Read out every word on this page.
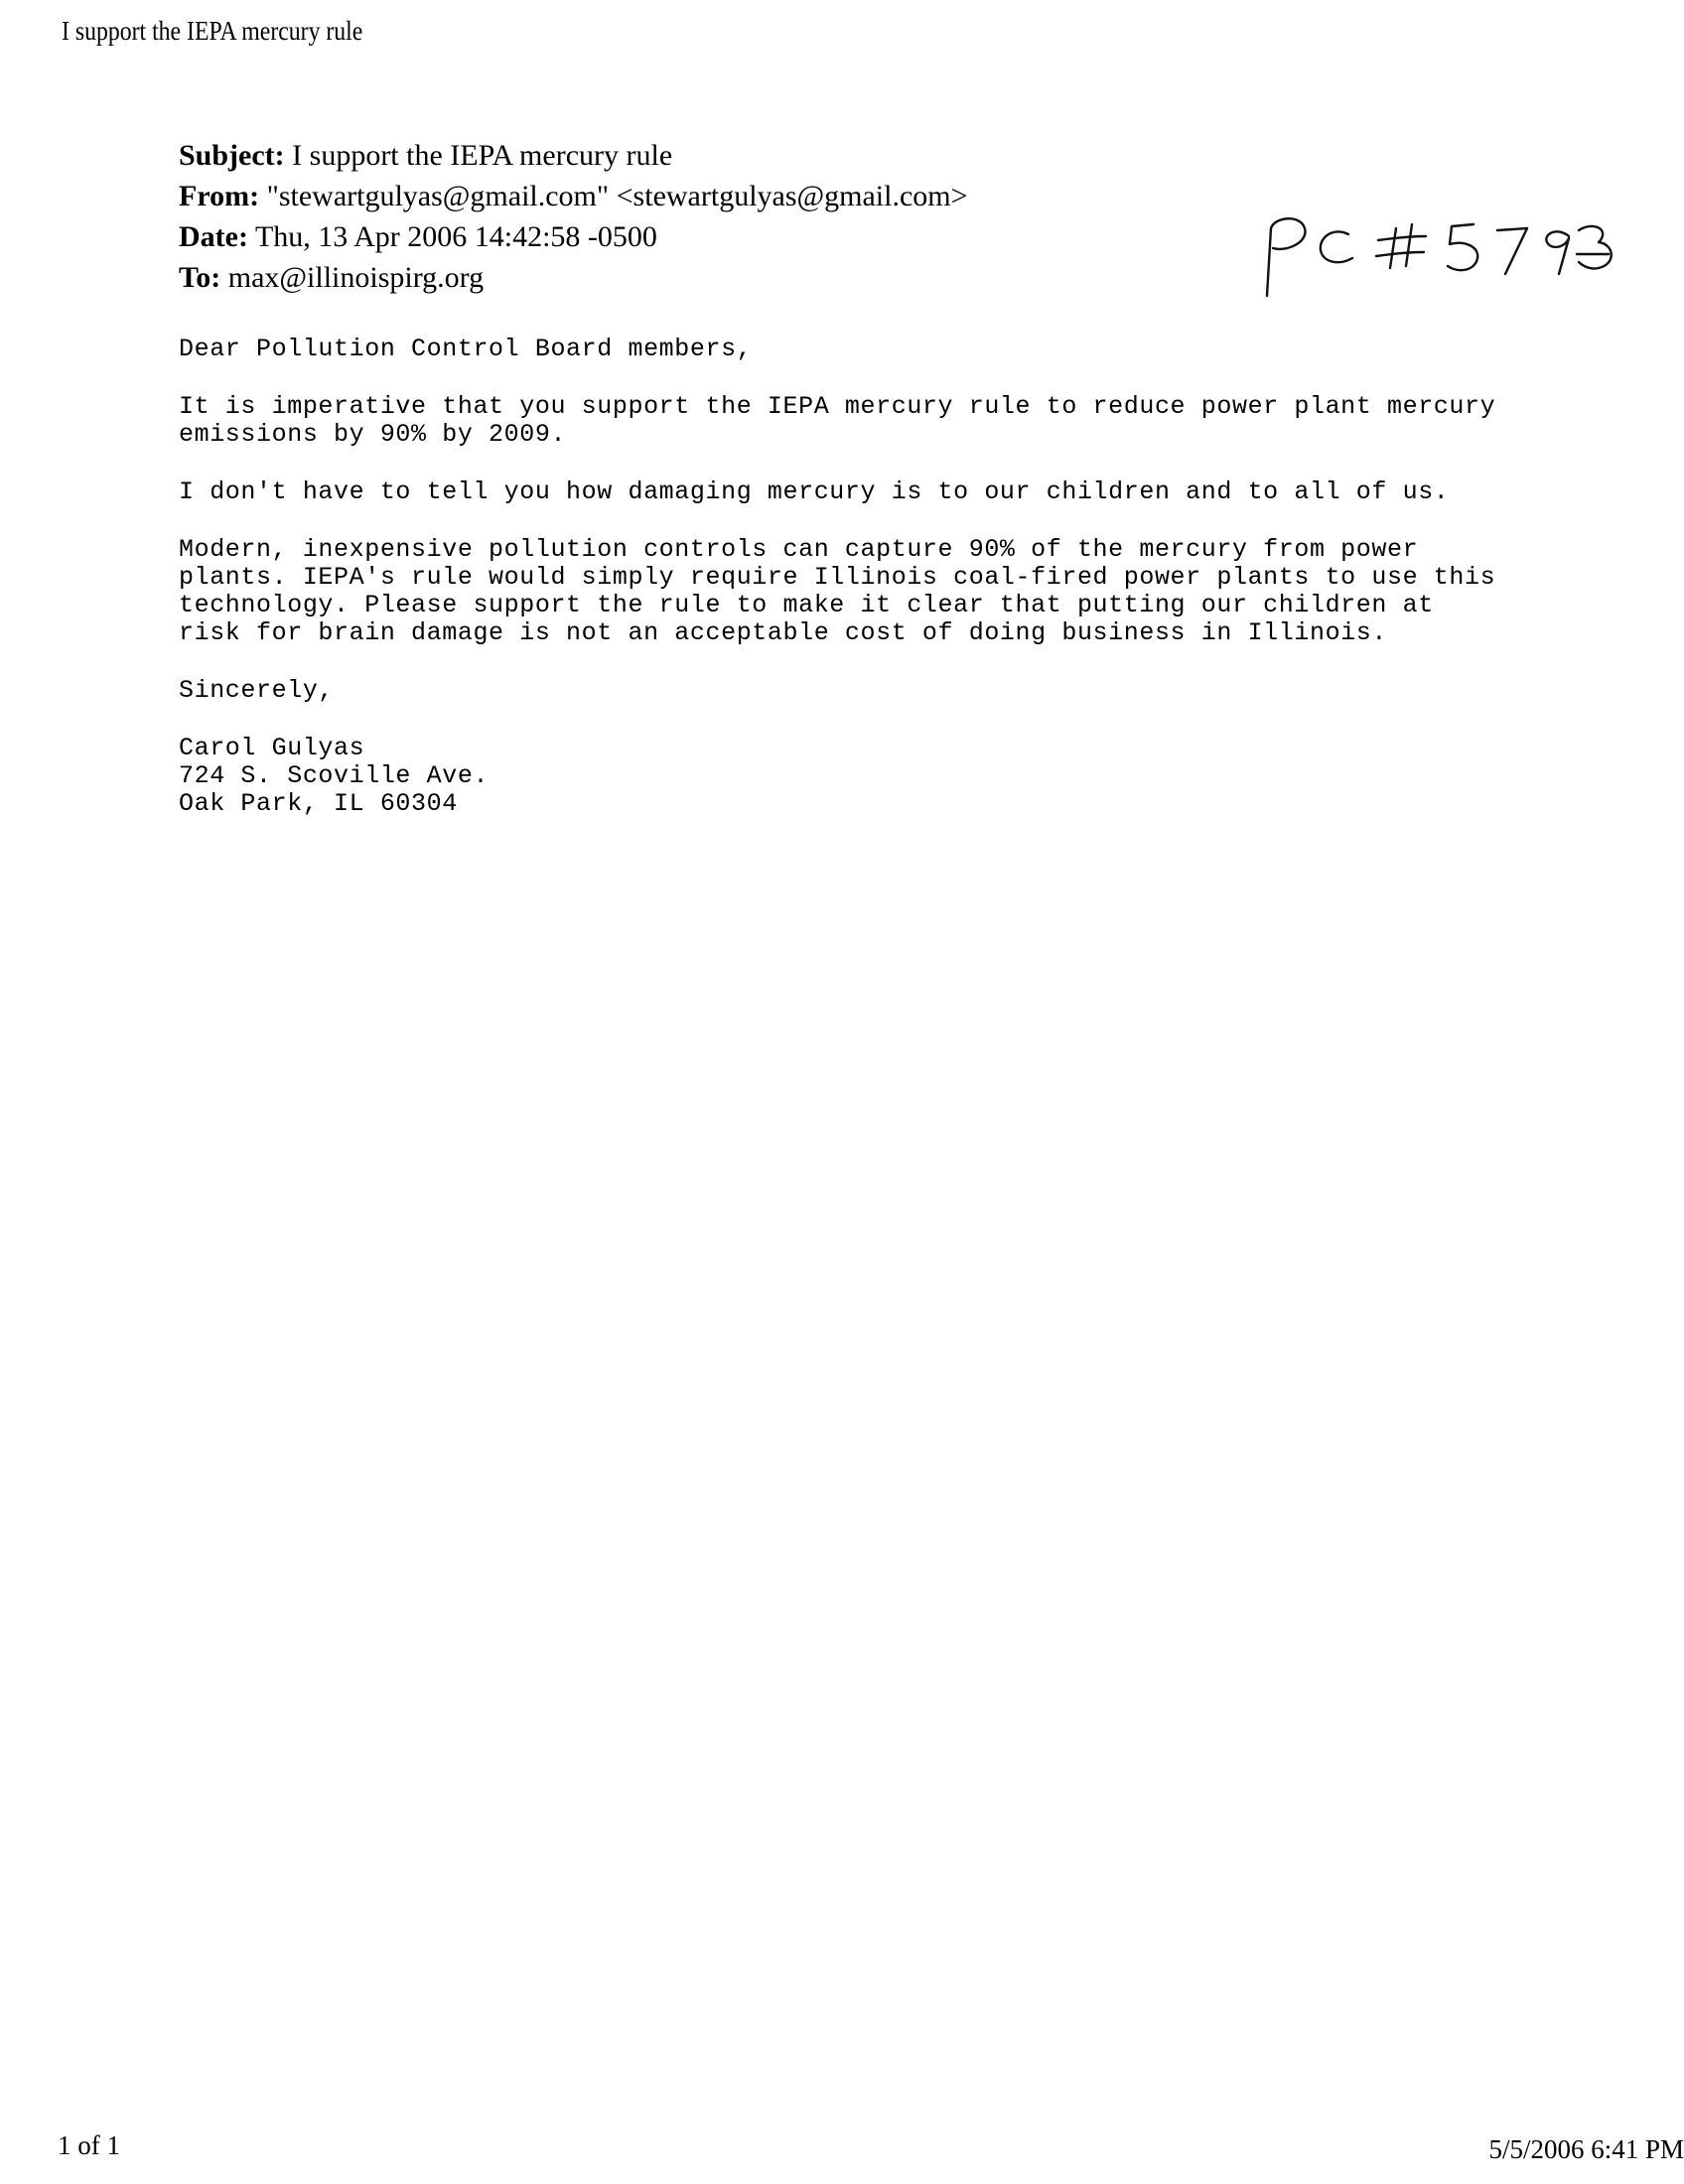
I support the IEPA mercury rule
Subject: I support the IEPA mercury rule
From: "stewartgulyas@gmail.com" <stewartgulyas@gmail.com>
Date: Thu, 13 Apr 2006 14:42:58 -0500
To: max@illinoispirg.org

Dear Pollution Control Board members,

It is imperative that you support the IEPA mercury rule to reduce power plant mercury
emissions by 90% by 2009.

I don't have to tell you how damaging mercury is to our children and to all of us.

Modern, inexpensive pollution controls can capture 90% of the mercury from power
plants. IEPA's rule would simply require Illinois coal-fired power plants to use this
technology. Please support the rule to make it clear that putting our children at
risk for brain damage is not an acceptable cost of doing business in Illinois.

Sincerely,

Carol Gulyas

724 S. Scoville Ave.

Oak Park, IL 60304

1 of 1	5/5/2006 6:41 PM
